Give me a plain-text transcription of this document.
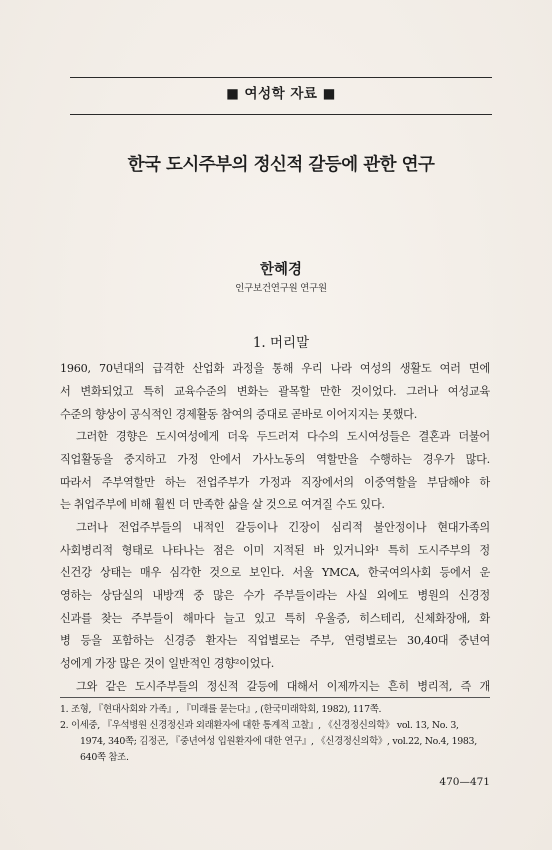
■ 여성학 자료 ■
한국 도시주부의 정신적 갈등에 관한 연구
한혜경
인구보건연구원 연구원
1. 머리말
1960, 70년대의 급격한 산업화 과정을 통해 우리 나라 여성의 생활도 여러 면에
서 변화되었고 특히 교육수준의 변화는 괄목할 만한 것이었다. 그러나 여성교육
수준의 향상이 공식적인 경제활동 참여의 증대로 곧바로 이어지지는 못했다.
그러한 경향은 도시여성에게 더욱 두드러져 다수의 도시여성들은 결혼과 더불어
직업활동을 중지하고 가정 안에서 가사노동의 역할만을 수행하는 경우가 많다.
따라서 주부역할만 하는 전업주부가 가정과 직장에서의 이중역할을 부담해야 하
는 취업주부에 비해 훨씬 더 만족한 삶을 살 것으로 여겨질 수도 있다.
그러나 전업주부들의 내적인 갈등이나 긴장이 심리적 불안정이나 현대가족의
사회병리적 형태로 나타나는 점은 이미 지적된 바 있거니와¹ 특히 도시주부의 정
신건강 상태는 매우 심각한 것으로 보인다. 서울 YMCA, 한국여의사회 등에서 운
영하는 상담실의 내방객 중 많은 수가 주부들이라는 사실 외에도 병원의 신경정
신과를 찾는 주부들이 해마다 늘고 있고 특히 우울증, 히스테리, 신체화장애, 화
병 등을 포함하는 신경증 환자는 직업별로는 주부, 연령별로는 30,40대 중년여
성에게 가장 많은 것이 일반적인 경향²이었다.
그와 같은 도시주부들의 정신적 갈등에 대해서 이제까지는 흔히 병리적, 즉 개
1. 조형, 『현대사회와 가족』, 『미래를 묻는다』, (한국미래학회, 1982), 117쪽.
2. 이세중, 『우석병원 신경정신과 외래환자에 대한 통계적 고찰』, 《신경정신의학》 vol. 13, No. 3,
1974, 340쪽; 김정곤, 『중년여성 입원환자에 대한 연구』, 《신경정신의학》, vol.22, No.4, 1983,
640쪽 참조.
470—471
